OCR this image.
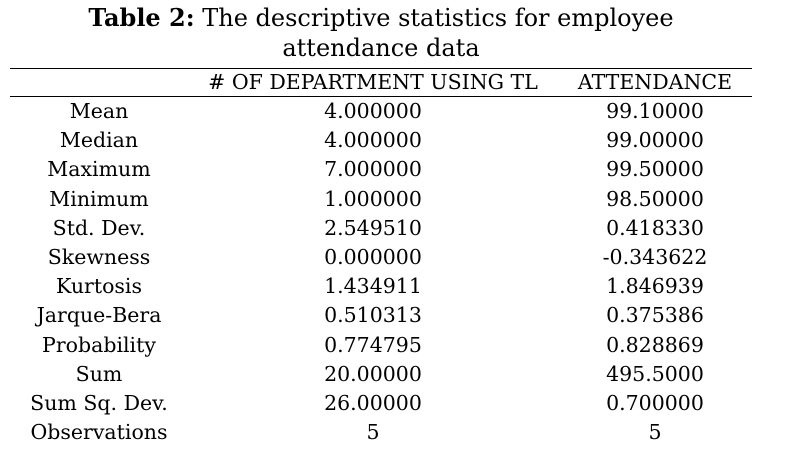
Table 2: The descriptive statistics for employee
attendance data
	# OF DEPARTMENT USING TL	ATTENDANCE
Mean	4.000000	99.10000
Median	4.000000	99.00000
Maximum	7.000000	99.50000
Minimum	1.000000	98.50000
Std. Dev.	2.549510	0.418330
Skewness	0.000000	-0.343622
Kurtosis	1.434911	1.846939
Jarque-Bera	0.510313	0.375386
Probability	0.774795	0.828869
Sum	20.00000	495.5000
Sum Sq. Dev.	26.00000	0.700000
Observations	5	5
